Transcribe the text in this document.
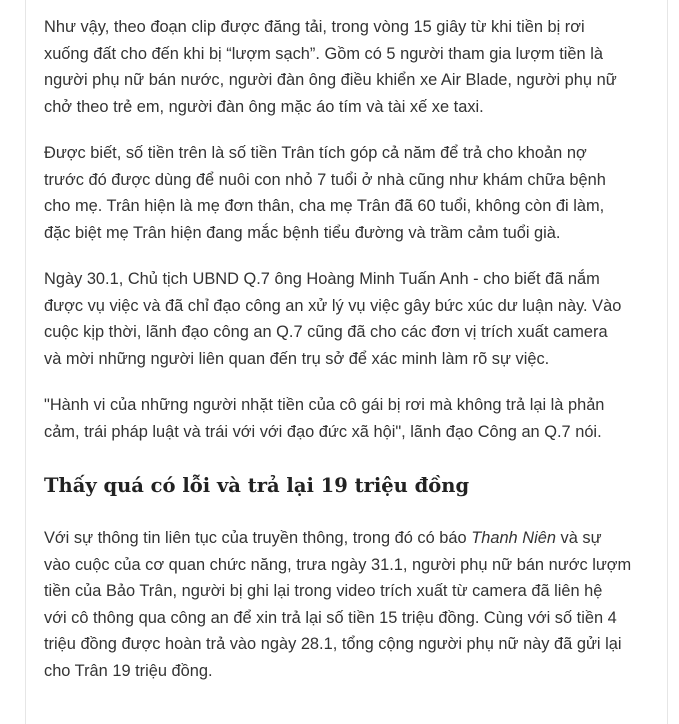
Như vậy, theo đoạn clip được đăng tải, trong vòng 15 giây từ khi tiền bị rơi
xuống đất cho đến khi bị “lượm sạch”. Gồm có 5 người tham gia lượm tiền là
người phụ nữ bán nước, người đàn ông điều khiển xe Air Blade, người phụ nữ
chở theo trẻ em, người đàn ông mặc áo tím và tài xế xe taxi.

Được biết, số tiền trên là số tiền Trân tích góp cả năm để trả cho khoản nợ
trước đó được dùng để nuôi con nhỏ 7 tuổi ở nhà cũng như khám chữa bệnh
cho mẹ. Trân hiện là mẹ đơn thân, cha mẹ Trân đã 60 tuổi, không còn đi làm,
đặc biệt mẹ Trân hiện đang mắc bệnh tiểu đường và trầm cảm tuổi già.

Ngày 30.1, Chủ tịch UBND Q.7 ông Hoàng Minh Tuấn Anh - cho biết đã nắm
được vụ việc và đã chỉ đạo công an xử lý vụ việc gây bức xúc dư luận này. Vào
cuộc kịp thời, lãnh đạo công an Q.7 cũng đã cho các đơn vị trích xuất camera
và mời những người liên quan đến trụ sở để xác minh làm rõ sự việc.

"Hành vi của những người nhặt tiền của cô gái bị rơi mà không trả lại là phản
cảm, trái pháp luật và trái với với đạo đức xã hội", lãnh đạo Công an Q.7 nói.

Thấy quá có lỗi và trả lại 19 triệu đồng

Với sự thông tin liên tục của truyền thông, trong đó có báo Thanh Niên và sự
vào cuộc của cơ quan chức năng, trưa ngày 31.1, người phụ nữ bán nước lượm
tiền của Bảo Trân, người bị ghi lại trong video trích xuất từ camera đã liên hệ
với cô thông qua công an để xin trả lại số tiền 15 triệu đồng. Cùng với số tiền 4
triệu đồng được hoàn trả vào ngày 28.1, tổng cộng người phụ nữ này đã gửi lại
cho Trân 19 triệu đồng.
